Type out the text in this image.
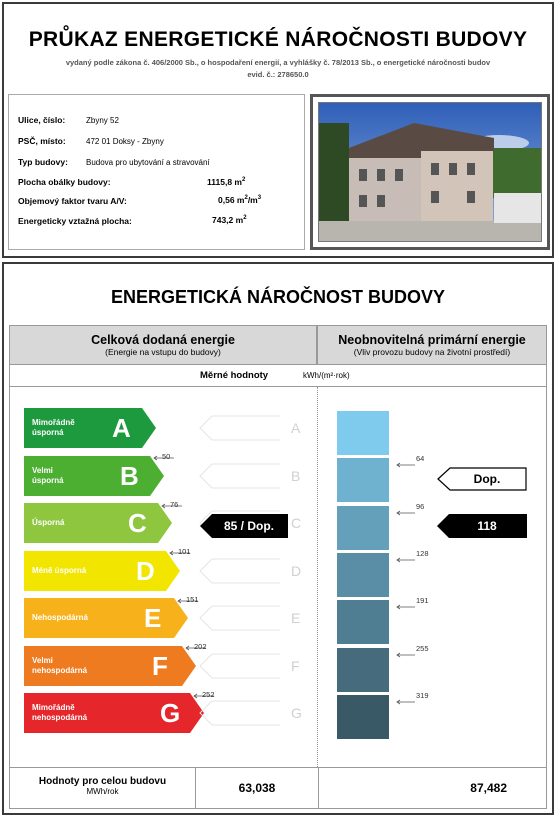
PRŮKAZ ENERGETICKÉ NÁROČNOSTI BUDOVY
vydaný podle zákona č. 406/2000 Sb., o hospodaření energií, a vyhlášky č. 78/2013 Sb., o energetické náročnosti budov
evid. č.: 278650.0
Ulice, číslo:	Zbyny 52
PSČ, místo:	472 01 Doksy - Zbyny
Typ budovy: Budova pro ubytování a stravování
Plocha obálky budovy:	1115,8 $m^2$
Objemový faktor tvaru A/V:	0,56 $m^2/m^3$
Energeticky vztažná plocha:	743,2 $m^2$
ENERGETICKÁ NÁROČNOST BUDOVY
Celková dodaná energie
(Energie na vstupu do budovy)
Neobnovitelná primární energie
(Vliv provozu budovy na životní prostředí)
Měrné hodnoty	kWh/(m²·rok)
Mimořádně
úsporná	A	A
50
Velmi
úsporná B	B
76
Úsporná C	C
101
Méně úsporná D	D
151
Nehospodárná E	E
202
Velmi
nehospodárná F	F
252
Mimořádně
nehospodárná	G	G
85 / Dop.
64
96
128
191
255
319
Dop.
118
Hodnoty pro celou budovu
MWh/rok	63,038	87,482
